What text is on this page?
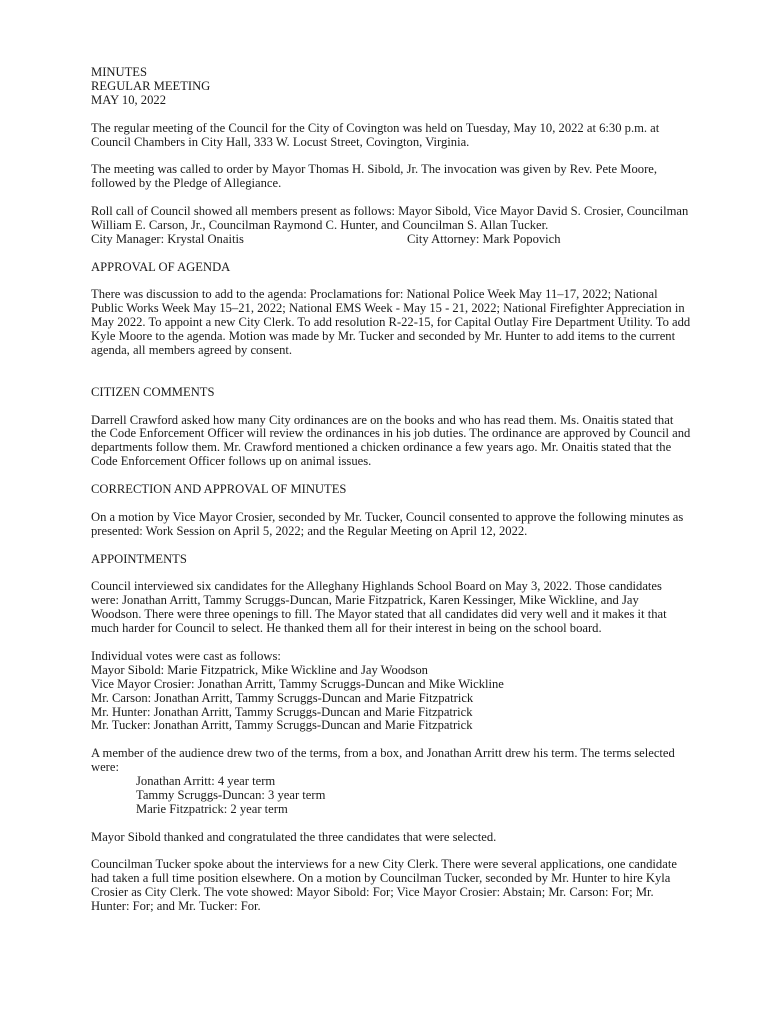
MINUTES

REGULAR MEETING

MAY 10, 2022

The regular meeting of the Council for the City of Covington was held on Tuesday, May 10, 2022 at 6:30 p.m. at Council Chambers in City Hall, 333 W. Locust Street, Covington, Virginia.

The meeting was called to order by Mayor Thomas H. Sibold, Jr. The invocation was given by Rev. Pete Moore, followed by the Pledge of Allegiance.

Roll call of Council showed all members present as follows: Mayor Sibold, Vice Mayor David S. Crosier, Councilman William E. Carson, Jr., Councilman Raymond C. Hunter, and Councilman S. Allan Tucker.

City Manager: Krystal Onaitis	City Attorney: Mark Popovich

APPROVAL OF AGENDA

There was discussion to add to the agenda: Proclamations for: National Police Week May 11–17, 2022; National Public Works Week May 15–21, 2022; National EMS Week - May 15 - 21, 2022; National Firefighter Appreciation in May 2022. To appoint a new City Clerk. To add resolution R-22-15, for Capital Outlay Fire Department Utility. To add Kyle Moore to the agenda. Motion was made by Mr. Tucker and seconded by Mr. Hunter to add items to the current agenda, all members agreed by consent.

CITIZEN COMMENTS

Darrell Crawford asked how many City ordinances are on the books and who has read them. Ms. Onaitis stated that the Code Enforcement Officer will review the ordinances in his job duties. The ordinance are approved by Council and departments follow them. Mr. Crawford mentioned a chicken ordinance a few years ago. Mr. Onaitis stated that the Code Enforcement Officer follows up on animal issues.

CORRECTION AND APPROVAL OF MINUTES

On a motion by Vice Mayor Crosier, seconded by Mr. Tucker, Council consented to approve the following minutes as presented: Work Session on April 5, 2022; and the Regular Meeting on April 12, 2022.

APPOINTMENTS

Council interviewed six candidates for the Alleghany Highlands School Board on May 3, 2022. Those candidates were: Jonathan Arritt, Tammy Scruggs-Duncan, Marie Fitzpatrick, Karen Kessinger, Mike Wickline, and Jay Woodson. There were three openings to fill. The Mayor stated that all candidates did very well and it makes it that much harder for Council to select. He thanked them all for their interest in being on the school board.

Individual votes were cast as follows:

Mayor Sibold: Marie Fitzpatrick, Mike Wickline and Jay Woodson

Vice Mayor Crosier: Jonathan Arritt, Tammy Scruggs-Duncan and Mike Wickline

Mr. Carson: Jonathan Arritt, Tammy Scruggs-Duncan and Marie Fitzpatrick

Mr. Hunter: Jonathan Arritt, Tammy Scruggs-Duncan and Marie Fitzpatrick

Mr. Tucker: Jonathan Arritt, Tammy Scruggs-Duncan and Marie Fitzpatrick

A member of the audience drew two of the terms, from a box, and Jonathan Arritt drew his term. The terms selected were:

Jonathan Arritt: 4 year term

Tammy Scruggs-Duncan: 3 year term

Marie Fitzpatrick: 2 year term

Mayor Sibold thanked and congratulated the three candidates that were selected.

Councilman Tucker spoke about the interviews for a new City Clerk. There were several applications, one candidate had taken a full time position elsewhere. On a motion by Councilman Tucker, seconded by Mr. Hunter to hire Kyla Crosier as City Clerk. The vote showed: Mayor Sibold: For; Vice Mayor Crosier: Abstain; Mr. Carson: For; Mr. Hunter: For; and Mr. Tucker: For.
